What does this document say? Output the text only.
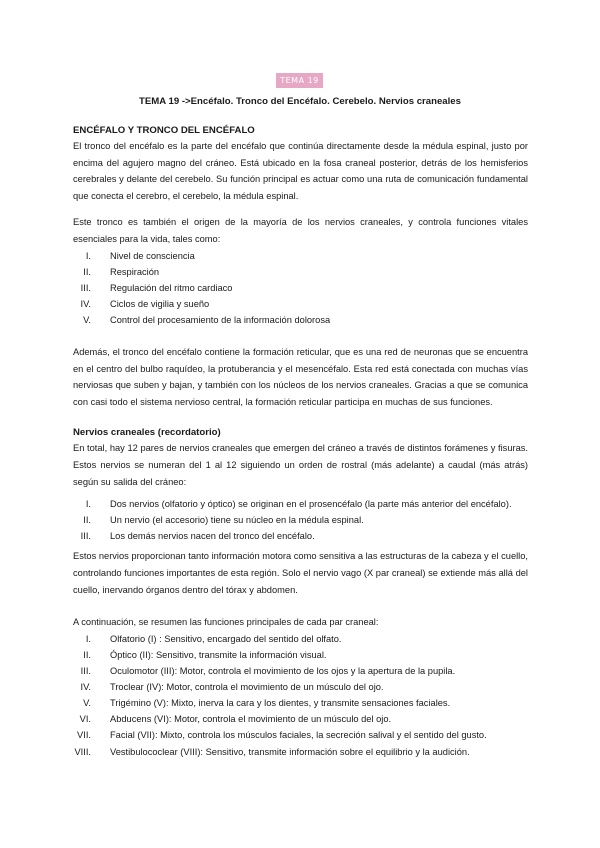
TEMA 19
TEMA 19 ->Encéfalo. Tronco del Encéfalo. Cerebelo. Nervios craneales
ENCÉFALO Y TRONCO DEL ENCÉFALO

El tronco del encéfalo es la parte del encéfalo que continúa directamente desde la médula espinal, justo por encima del agujero magno del cráneo. Está ubicado en la fosa craneal posterior, detrás de los hemisferios cerebrales y delante del cerebelo. Su función principal es actuar como una ruta de comunicación fundamental que conecta el cerebro, el cerebelo, la médula espinal.

Este tronco es también el origen de la mayoría de los nervios craneales, y controla funciones vitales esenciales para la vida, tales como:

I. Nivel de consciencia
II. Respiración
III. Regulación del ritmo cardiaco
IV. Ciclos de vigilia y sueño
V. Control del procesamiento de la información dolorosa

Además, el tronco del encéfalo contiene la formación reticular, que es una red de neuronas que se encuentra en el centro del bulbo raquídeo, la protuberancia y el mesencéfalo. Esta red está conectada con muchas vías nerviosas que suben y bajan, y también con los núcleos de los nervios craneales. Gracias a que se comunica con casi todo el sistema nervioso central, la formación reticular participa en muchas de sus funciones.

Nervios craneales (recordatorio)

En total, hay 12 pares de nervios craneales que emergen del cráneo a través de distintos forámenes y fisuras. Estos nervios se numeran del 1 al 12 siguiendo un orden de rostral (más adelante) a caudal (más atrás) según su salida del cráneo:

I. Dos nervios (olfatorio y óptico) se originan en el prosencéfalo (la parte más anterior del encéfalo).
II. Un nervio (el accesorio) tiene su núcleo en la médula espinal.
III. Los demás nervios nacen del tronco del encéfalo.

Estos nervios proporcionan tanto información motora como sensitiva a las estructuras de la cabeza y el cuello, controlando funciones importantes de esta región. Solo el nervio vago (X par craneal) se extiende más allá del cuello, inervando órganos dentro del tórax y abdomen.

A continuación, se resumen las funciones principales de cada par craneal:

I. Olfatorio (I) : Sensitivo, encargado del sentido del olfato.
II. Óptico (II): Sensitivo, transmite la información visual.
III. Oculomotor (III): Motor, controla el movimiento de los ojos y la apertura de la pupila.
IV. Troclear (IV): Motor, controla el movimiento de un músculo del ojo.
V. Trigémino (V): Mixto, inerva la cara y los dientes, y transmite sensaciones faciales.
VI. Abducens (VI): Motor, controla el movimiento de un músculo del ojo.
VII. Facial (VII): Mixto, controla los músculos faciales, la secreción salival y el sentido del gusto.
VIII. Vestibulococlear (VIII): Sensitivo, transmite información sobre el equilibrio y la audición.
